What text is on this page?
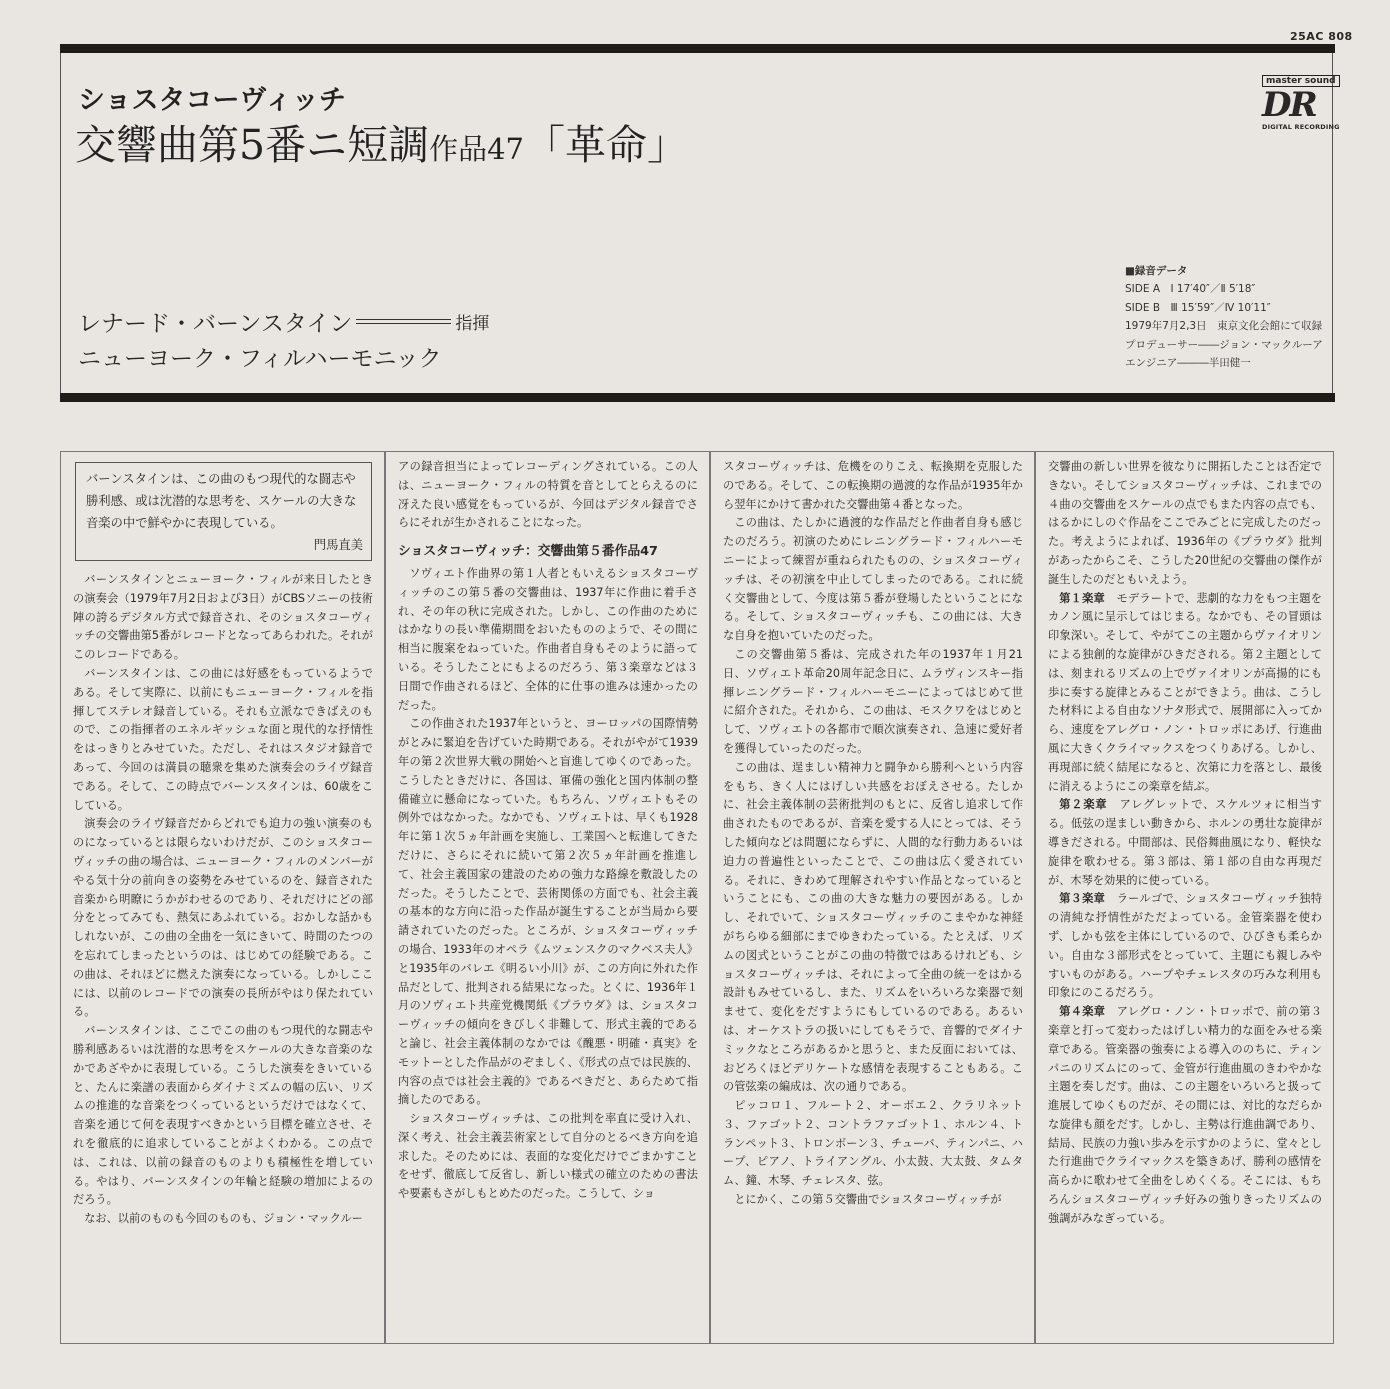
25AC 808
ショスタコーヴィッチ
交響曲第5番ニ短調作品47「革命」
master sound
DR
DIGITAL RECORDING
レナード・バーンスタイン	指揮
ニューヨーク・フィルハーモニック
■録音データ
SIDE A　Ⅰ 17′40″／Ⅱ 5′18″
SIDE B　Ⅲ 15′59″／Ⅳ 10′11″
1979年7月2,3日　東京文化会館にて収録
プロデューサー――ジョン・マックルーア
エンジニア―――半田健一
バーンスタインは、この曲のもつ現代的な闘志や勝利感、或は沈潜的な思考を、スケールの大きな音楽の中で鮮やかに表現している。
門馬直美

バーンスタインとニューヨーク・フィルが来日したときの演奏会（1979年7月2日および3日）がCBSソニーの技術陣の誇るデジタル方式で録音され、そのショスタコーヴィッチの交響曲第5番がレコードとなってあらわれた。それがこのレコードである。

バーンスタインは、この曲には好感をもっているようである。そして実際に、以前にもニューヨーク・フィルを指揮してステレオ録音している。それも立派なできばえのもので、この指揮者のエネルギッシュな面と現代的な抒情性をはっきりとみせていた。ただし、それはスタジオ録音であって、今回のは満員の聴衆を集めた演奏会のライヴ録音である。そして、この時点でバーンスタインは、60歳をこしている。

演奏会のライヴ録音だからどれでも迫力の強い演奏のものになっているとは限らないわけだが、このショスタコーヴィッチの曲の場合は、ニューヨーク・フィルのメンバーがやる気十分の前向きの姿勢をみせているのを、録音された音楽から明瞭にうかがわせるのであり、それだけにどの部分をとってみても、熱気にあふれている。おかしな話かもしれないが、この曲の全曲を一気にきいて、時間のたつのを忘れてしまったというのは、はじめての経験である。この曲は、それほどに燃えた演奏になっている。しかしここには、以前のレコードでの演奏の長所がやはり保たれている。

バーンスタインは、ここでこの曲のもつ現代的な闘志や勝利感あるいは沈潜的な思考をスケールの大きな音楽のなかであざやかに表現している。こうした演奏をきいていると、たんに楽譜の表面からダイナミズムの幅の広い、リズムの推進的な音楽をつくっているというだけではなくて、音楽を通じて何を表現すべきかという目標を確立させ、それを徹底的に追求していることがよくわかる。この点では、これは、以前の録音のものよりも積極性を増している。やはり、バーンスタインの年輪と経験の増加によるのだろう。

なお、以前のものも今回のものも、ジョン・マックルー

アの録音担当によってレコーディングされている。この人は、ニューヨーク・フィルの特質を音としてとらえるのに冴えた良い感覚をもっているが、今回はデジタル録音でさらにそれが生かされることになった。

ショスタコーヴィッチ：交響曲第５番作品47

ソヴィエト作曲界の第１人者ともいえるショスタコーヴィッチのこの第５番の交響曲は、1937年に作曲に着手され、その年の秋に完成された。しかし、この作曲のためにはかなりの長い準備期間をおいたもののようで、その間に相当に腹案をねっていた。作曲者自身もそのように語っている。そうしたことにもよるのだろう、第３楽章などは３日間で作曲されるほど、全体的に仕事の進みは速かったのだった。

この作曲された1937年というと、ヨーロッパの国際情勢がとみに緊迫を告げていた時期である。それがやがて1939年の第２次世界大戦の開始へと盲進してゆくのであった。こうしたときだけに、各国は、軍備の強化と国内体制の整備確立に懸命になっていた。もちろん、ソヴィエトもその例外ではなかった。なかでも、ソヴィエトは、早くも1928年に第１次５ヵ年計画を実施し、工業国へと転進してきただけに、さらにそれに続いて第２次５ヵ年計画を推進して、社会主義国家の建設のための強力な路線を敷設したのだった。そうしたことで、芸術関係の方面でも、社会主義の基本的な方向に沿った作品が誕生することが当局から要請されていたのだった。ところが、ショスタコーヴィッチの場合、1933年のオペラ《ムツェンスクのマクベス夫人》と1935年のバレエ《明るい小川》が、この方向に外れた作品だとして、批判される結果になった。とくに、1936年１月のソヴィエト共産党機関紙《プラウダ》は、ショスタコーヴィッチの傾向をきびしく非難して、形式主義的であると論じ、社会主義体制のなかでは《醜悪・明確・真実》をモットーとした作品がのぞましく、《形式の点では民族的、内容の点では社会主義的》であるべきだと、あらためて指摘したのである。

ショスタコーヴィッチは、この批判を率直に受け入れ、深く考え、社会主義芸術家として自分のとるべき方向を追求した。そのためには、表面的な変化だけでごまかすことをせず、徹底して反省し、新しい様式の確立のための書法や要素もさがしもとめたのだった。こうして、ショ

スタコーヴィッチは、危機をのりこえ、転換期を克服したのである。そして、この転換期の過渡的な作品が1935年から翌年にかけて書かれた交響曲第４番となった。

この曲は、たしかに過渡的な作品だと作曲者自身も感じたのだろう。初演のためにレニングラード・フィルハーモニーによって練習が重ねられたものの、ショスタコーヴィッチは、その初演を中止してしまったのである。これに続く交響曲として、今度は第５番が登場したということになる。そして、ショスタコーヴィッチも、この曲には、大きな自身を抱いていたのだった。

この交響曲第５番は、完成された年の1937年１月21日、ソヴィエト革命20周年記念日に、ムラヴィンスキー指揮レニングラード・フィルハーモニーによってはじめて世に紹介された。それから、この曲は、モスクワをはじめとして、ソヴィエトの各都市で順次演奏され、急速に愛好者を獲得していったのだった。

この曲は、逞ましい精神力と闘争から勝利へという内容をもち、きく人にはげしい共感をおぼえさせる。たしかに、社会主義体制の芸術批判のもとに、反省し追求して作曲されたものであるが、音楽を愛する人にとっては、そうした傾向などは問題にならずに、人間的な行動力あるいは迫力の普遍性といったことで、この曲は広く愛されている。それに、きわめて理解されやすい作品となっているということにも、この曲の大きな魅力の要因がある。しかし、それでいて、ショスタコーヴィッチのこまやかな神経がちらゆる細部にまでゆきわたっている。たとえば、リズムの図式ということがこの曲の特徴ではあるけれども、ショスタコーヴィッチは、それによって全曲の統一をはかる設計もみせているし、また、リズムをいろいろな楽器で刻ませて、変化をだすようにもしているのである。あるいは、オーケストラの扱いにしてもそうで、音響的でダイナミックなところがあるかと思うと、また反面においては、おどろくほどデリケートな感情を表現することもある。この管弦楽の編成は、次の通りである。

ピッコロ１、フルート２、オーボエ２、クラリネット３、ファゴット２、コントラファゴット１、ホルン４、トランペット３、トロンボーン３、チューバ、ティンパニ、ハープ、ピアノ、トライアングル、小太鼓、大太鼓、タムタム、鐘、木琴、チェレスタ、弦。

とにかく、この第５交響曲でショスタコーヴィッチが

交響曲の新しい世界を彼なりに開拓したことは否定できない。そしてショスタコーヴィッチは、これまでの４曲の交響曲をスケールの点でもまた内容の点でも、はるかにしのぐ作品をここでみごとに完成したのだった。考えようによれば、1936年の《プラウダ》批判があったからこそ、こうした20世紀の交響曲の傑作が誕生したのだともいえよう。

第１楽章　 モデラートで、悲劇的な力をもつ主題をカノン風に呈示してはじまる。なかでも、その冒頭は印象深い。そして、やがてこの主題からヴァイオリンによる独創的な旋律がひきだされる。第２主題としては、刻まれるリズムの上でヴァイオリンが高揚的にも歩に奏する旋律とみることができよう。曲は、こうした材料による自由なソナタ形式で、展開部に入ってから、速度をアレグロ・ノン・トロッポにあげ、行進曲風に大きくクライマックスをつくりあげる。しかし、再現部に続く結尾になると、次第に力を落とし、最後に消えるようにこの楽章を結ぶ。

第２楽章　 アレグレットで、スケルツォに相当する。低弦の逞ましい動きから、ホルンの勇壮な旋律が導きだされる。中間部は、民俗舞曲風になり、軽快な旋律を歌わせる。第３部は、第１部の自由な再現だが、木琴を効果的に使っている。

第３楽章　 ラールゴで、ショスタコーヴィッチ独特の清純な抒情性がただよっている。金管楽器を使わず、しかも弦を主体にしているので、ひびきも柔らかい。自由な３部形式をとっていて、主題にも親しみやすいものがある。ハープやチェレスタの巧みな利用も印象にのこるだろう。

第４楽章　 アレグロ・ノン・トロッポで、前の第３楽章と打って変わったはげしい精力的な面をみせる楽章である。管楽器の強奏による導入ののちに、ティンパニのリズムにのって、金管が行進曲風のきわやかな主題を奏しだす。曲は、この主題をいろいろと扱って進展してゆくものだが、その間には、対比的なだらかな旋律も顔をだす。しかし、主勢は行進曲調であり、結局、民族の力強い歩みを示すかのように、堂々とした行進曲でクライマックスを築きあげ、勝利の感情を高らかに歌わせて全曲をしめくくる。そこには、もちろんショスタコーヴィッチ好みの強りきったリズムの強調がみなぎっている。
